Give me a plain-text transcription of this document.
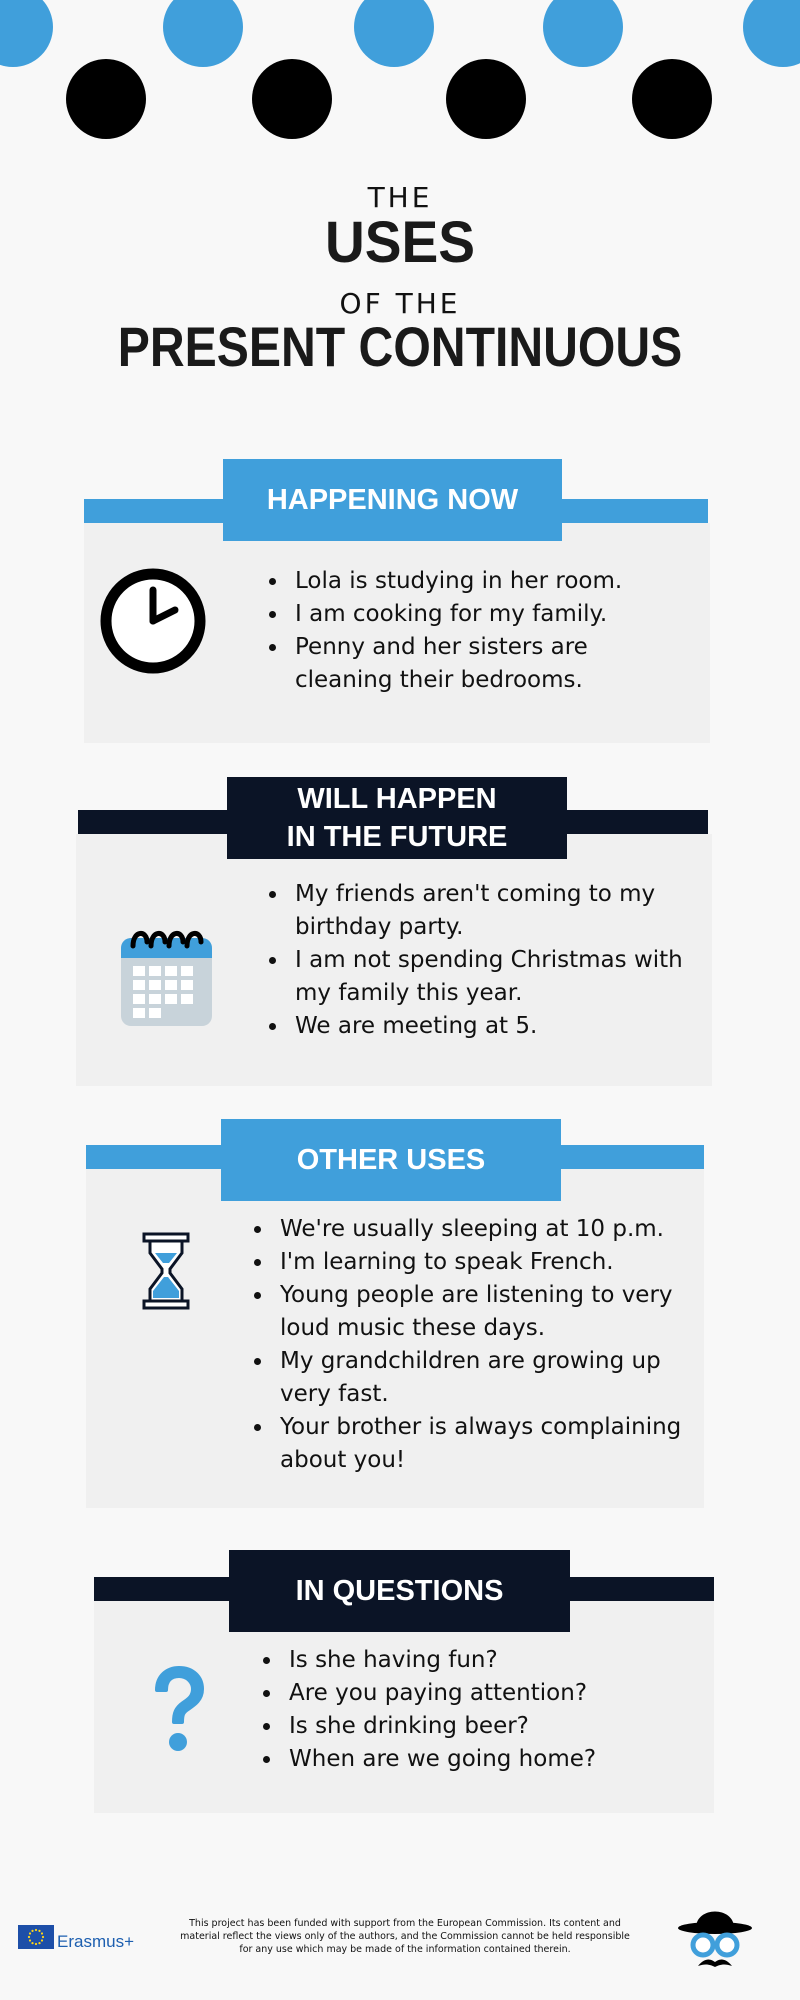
THE
USES
OF THE
PRESENT CONTINUOUS
HAPPENING NOW
• Lola is studying in her room.
• I am cooking for my family.
• Penny and her sisters are cleaning their bedrooms.
WILL HAPPEN
IN THE FUTURE
• My friends aren't coming to my birthday party.
• I am not spending Christmas with my family this year.
• We are meeting at 5.
OTHER USES
• We're usually sleeping at 10 p.m.
• I'm learning to speak French.
• Young people are listening to very loud music these days.
• My grandchildren are growing up very fast.
• Your brother is always complaining about you!
IN QUESTIONS
• Is she having fun?
• Are you paying attention?
• Is she drinking beer?
• When are we going home?
Erasmus+
This project has been funded with support from the European Commission. Its content and
material reflect the views only of the authors, and the Commission cannot be held responsible
for any use which may be made of the information contained therein.
